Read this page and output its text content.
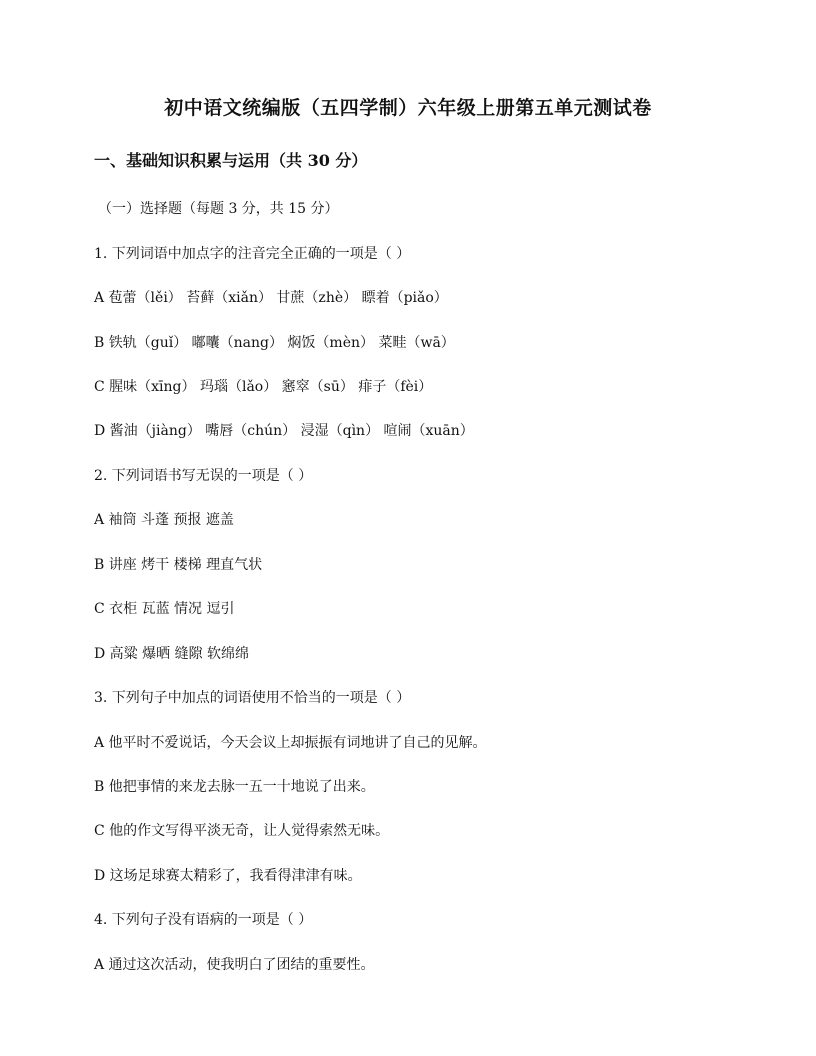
初中语文统编版（五四学制）六年级上册第五单元测试卷
一、基础知识积累与运用（共 30 分）
（一）选择题（每题 3 分，共 15 分）
1. 下列词语中加点字的注音完全正确的一项是（ ）
A 苞蕾（lěi） 苔藓（xiǎn） 甘蔗（zhè） 瞟着（piǎo）
B 铁轨（guǐ） 嘟囔（nang） 焖饭（mèn） 菜畦（wā）
C 腥味（xīng） 玛瑙（lǎo） 窸窣（sū） 痱子（fèi）
D 酱油（jiàng） 嘴唇（chún） 浸湿（qìn） 喧闹（xuān）
2. 下列词语书写无误的一项是（ ）
A 袖筒 斗蓬 预报 遮盖
B 讲座 烤干 楼梯 理直气状
C 衣柜 瓦蓝 情况 逗引
D 高粱 爆晒 缝隙 软绵绵
3. 下列句子中加点的词语使用不恰当的一项是（ ）
A 他平时不爱说话，今天会议上却振振有词地讲了自己的见解。
B 他把事情的来龙去脉一五一十地说了出来。
C 他的作文写得平淡无奇，让人觉得索然无味。
D 这场足球赛太精彩了，我看得津津有味。
4. 下列句子没有语病的一项是（ ）
A 通过这次活动，使我明白了团结的重要性。
